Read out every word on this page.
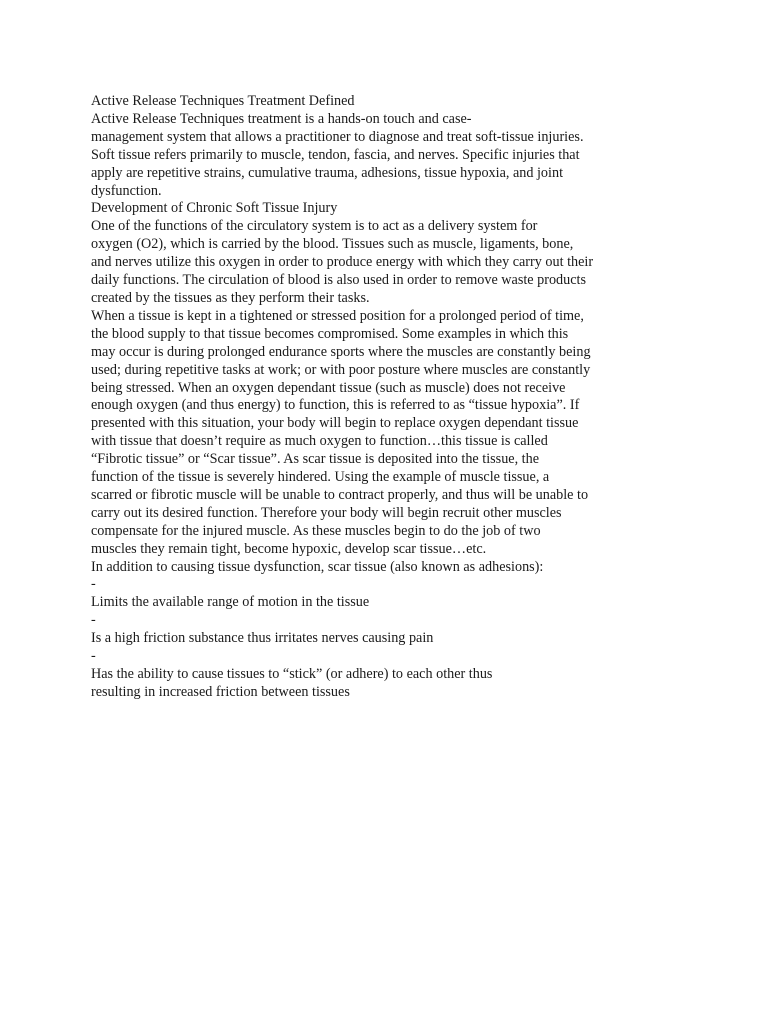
Active Release Techniques Treatment Defined
Active Release Techniques treatment is a hands-on touch and case-
management system that allows a practitioner to diagnose and treat soft-tissue injuries.
Soft tissue refers primarily to muscle, tendon, fascia, and nerves. Specific injuries that
apply are repetitive strains, cumulative trauma, adhesions, tissue hypoxia, and joint
dysfunction.
Development of Chronic Soft Tissue Injury
One of the functions of the circulatory system is to act as a delivery system for
oxygen (O2), which is carried by the blood. Tissues such as muscle, ligaments, bone,
and nerves utilize this oxygen in order to produce energy with which they carry out their
daily functions. The circulation of blood is also used in order to remove waste products
created by the tissues as they perform their tasks.
When a tissue is kept in a tightened or stressed position for a prolonged period of time,
the blood supply to that tissue becomes compromised. Some examples in which this
may occur is during prolonged endurance sports where the muscles are constantly being
used; during repetitive tasks at work; or with poor posture where muscles are constantly
being stressed. When an oxygen dependant tissue (such as muscle) does not receive
enough oxygen (and thus energy) to function, this is referred to as “tissue hypoxia”. If
presented with this situation, your body will begin to replace oxygen dependant tissue
with tissue that doesn’t require as much oxygen to function…this tissue is called
“Fibrotic tissue” or “Scar tissue”. As scar tissue is deposited into the tissue, the
function of the tissue is severely hindered. Using the example of muscle tissue, a
scarred or fibrotic muscle will be unable to contract properly, and thus will be unable to
carry out its desired function. Therefore your body will begin recruit other muscles
compensate for the injured muscle. As these muscles begin to do the job of two
muscles they remain tight, become hypoxic, develop scar tissue…etc.
In addition to causing tissue dysfunction, scar tissue (also known as adhesions):
-
Limits the available range of motion in the tissue
-
Is a high friction substance thus irritates nerves causing pain
-
Has the ability to cause tissues to “stick” (or adhere) to each other thus
resulting in increased friction between tissues
